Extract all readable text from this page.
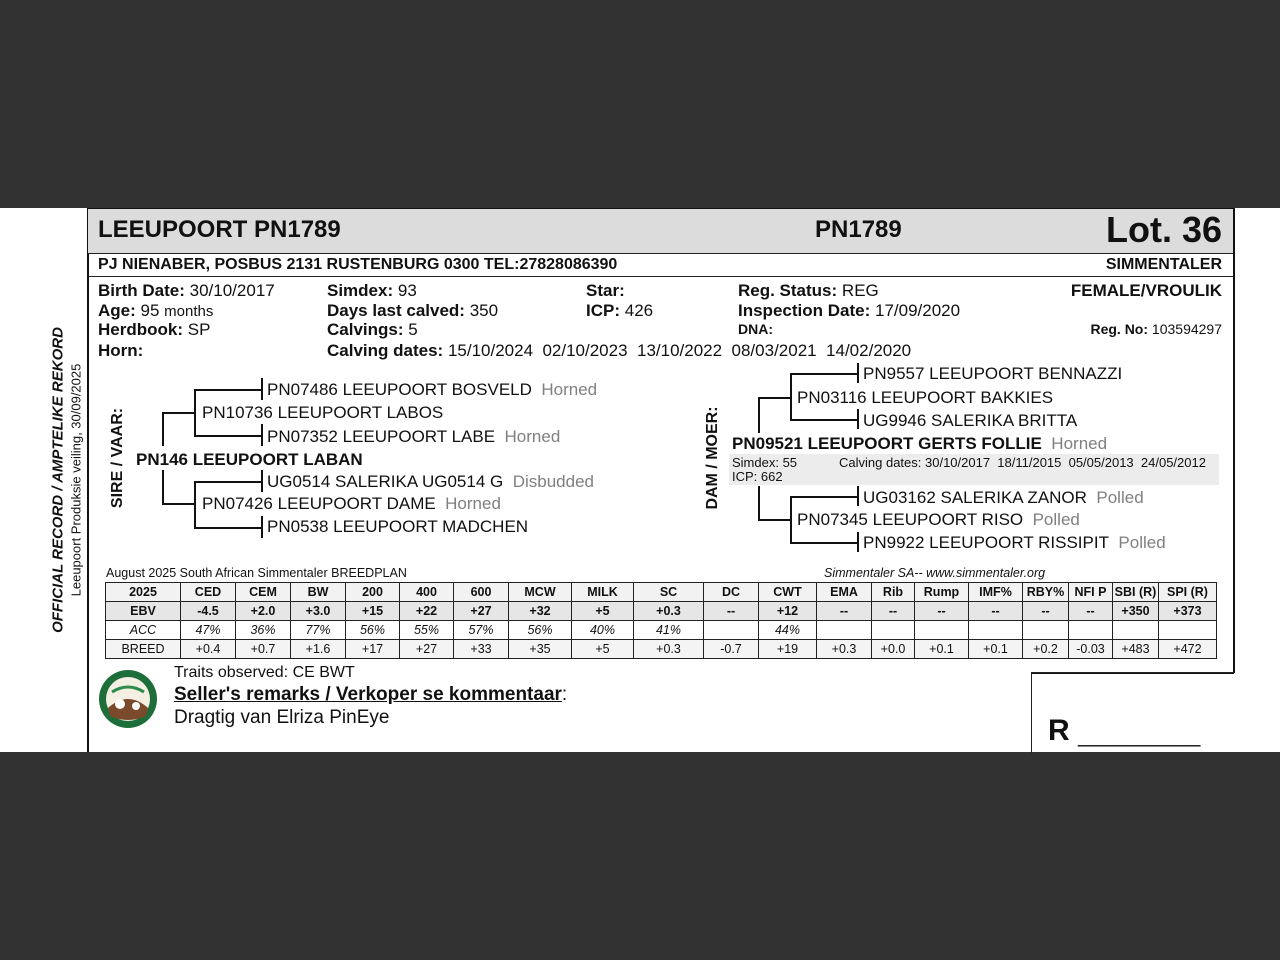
OFFICIAL RECORD / AMPTELIKE REKORD Leeupoort Produksie veiling, 30/09/2025
LEEUPOORT PN1789	PN1789	Lot. 36
PJ NIENABER, POSBUS 2131 RUSTENBURG 0300 TEL:27828086390	SIMMENTALER
Birth Date: 30/10/2017
Age: 95 months
Herdbook: SP
Horn:
Simdex: 93
Days last calved: 350
Calvings: 5
Calving dates: 15/10/2024  02/10/2023  13/10/2022  08/03/2021  14/02/2020
Star:
ICP: 426
Reg. Status: REG
Inspection Date: 17/09/2020
DNA:
FEMALE/VROULIK
Reg. No: 103594297
SIRE / VAAR:
PN07486 LEEUPOORT BOSVELD Horned
PN10736 LEEUPOORT LABOS
PN07352 LEEUPOORT LABE Horned
PN146 LEEUPOORT LABAN
UG0514 SALERIKA UG0514 G Disbudded
PN07426 LEEUPOORT DAME Horned
PN0538 LEEUPOORT MADCHEN
DAM / MOER:
PN9557 LEEUPOORT BENNAZZI
PN03116 LEEUPOORT BAKKIES
UG9946 SALERIKA BRITTA
PN09521 LEEUPOORT GERTS FOLLIE Horned
Simdex: 55
ICP: 662
Calving dates: 30/10/2017  18/11/2015  05/05/2013  24/05/2012
UG03162 SALERIKA ZANOR Polled
PN07345 LEEUPOORT RISO Polled
PN9922 LEEUPOORT RISSIPIT Polled
August 2025 South African Simmentaler BREEDPLAN	Simmentaler SA-- www.simmentaler.org
2025	CED	CEM	BW	200	400	600	MCW	MILK	SC	DC	CWT	EMA	Rib	Rump	IMF%	RBY%	NFI P	SBI (R)	SPI (R)
EBV	-4.5	+2.0	+3.0	+15	+22	+27	+32	+5	+0.3	--	+12	--	--	--	--	--	--	+350	+373
ACC	47%	36%	77%	56%	55%	57%	56%	40%	41%		44%								
BREED	+0.4	+0.7	+1.6	+17	+27	+33	+35	+5	+0.3	-0.7	+19	+0.3	+0.0	+0.1	+0.1	+0.2	-0.03	+483	+472
Traits observed: CE BWT
Seller's remarks / Verkoper se kommentaar:
Dragtig van Elriza PinEye	R __________
